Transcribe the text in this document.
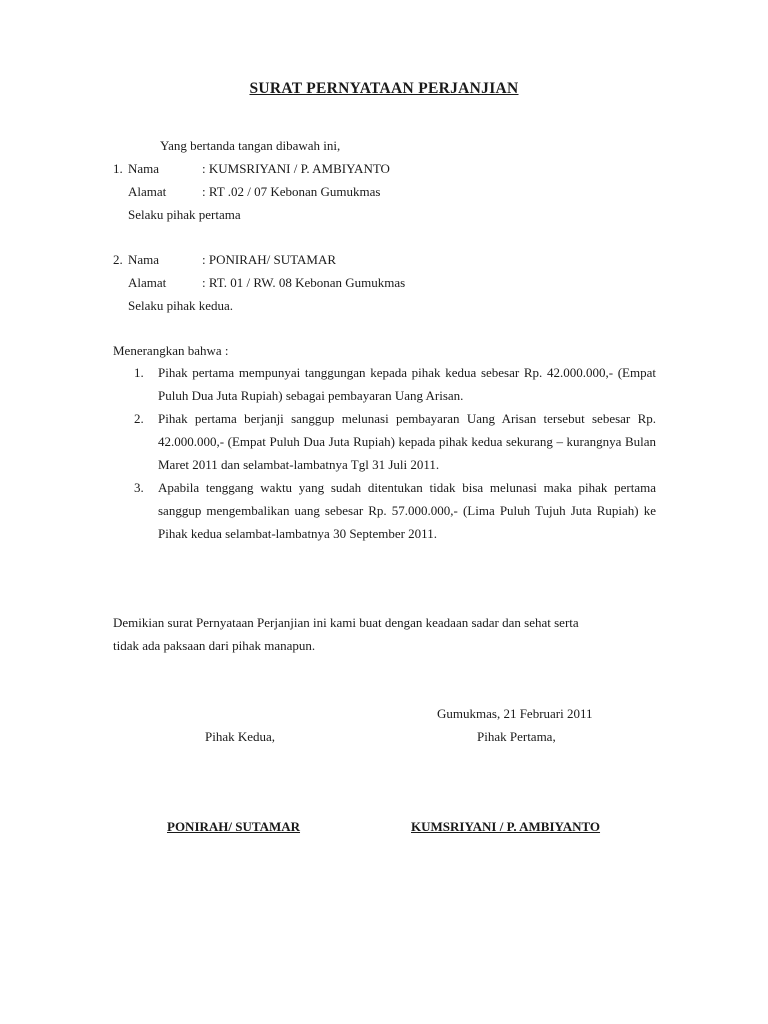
SURAT PERNYATAAN PERJANJIAN
Yang bertanda tangan dibawah ini,
1. Nama	: KUMSRIYANI / P. AMBIYANTO
Alamat	: RT .02 / 07 Kebonan Gumukmas
Selaku pihak pertama
2. Nama	: PONIRAH/ SUTAMAR
Alamat	: RT. 01 / RW. 08 Kebonan Gumukmas
Selaku pihak kedua.
Menerangkan bahwa :
1. Pihak pertama mempunyai tanggungan kepada pihak kedua sebesar Rp. 42.000.000,- (Empat Puluh Dua Juta Rupiah) sebagai pembayaran Uang Arisan.
2. Pihak pertama berjanji sanggup melunasi pembayaran Uang Arisan tersebut sebesar Rp. 42.000.000,- (Empat Puluh Dua Juta Rupiah) kepada pihak kedua sekurang – kurangnya Bulan Maret 2011 dan selambat-lambatnya Tgl 31 Juli 2011.
3. Apabila tenggang waktu yang sudah ditentukan tidak bisa melunasi maka pihak pertama sanggup mengembalikan uang sebesar Rp. 57.000.000,- (Lima Puluh Tujuh Juta Rupiah) ke Pihak kedua selambat-lambatnya 30 September 2011.
Demikian surat Pernyataan Perjanjian ini kami buat dengan keadaan sadar dan sehat serta
tidak ada paksaan dari pihak manapun.
Gumukmas, 21 Februari 2011
Pihak Kedua,	Pihak Pertama,
PONIRAH/ SUTAMAR	KUMSRIYANI / P. AMBIYANTO
